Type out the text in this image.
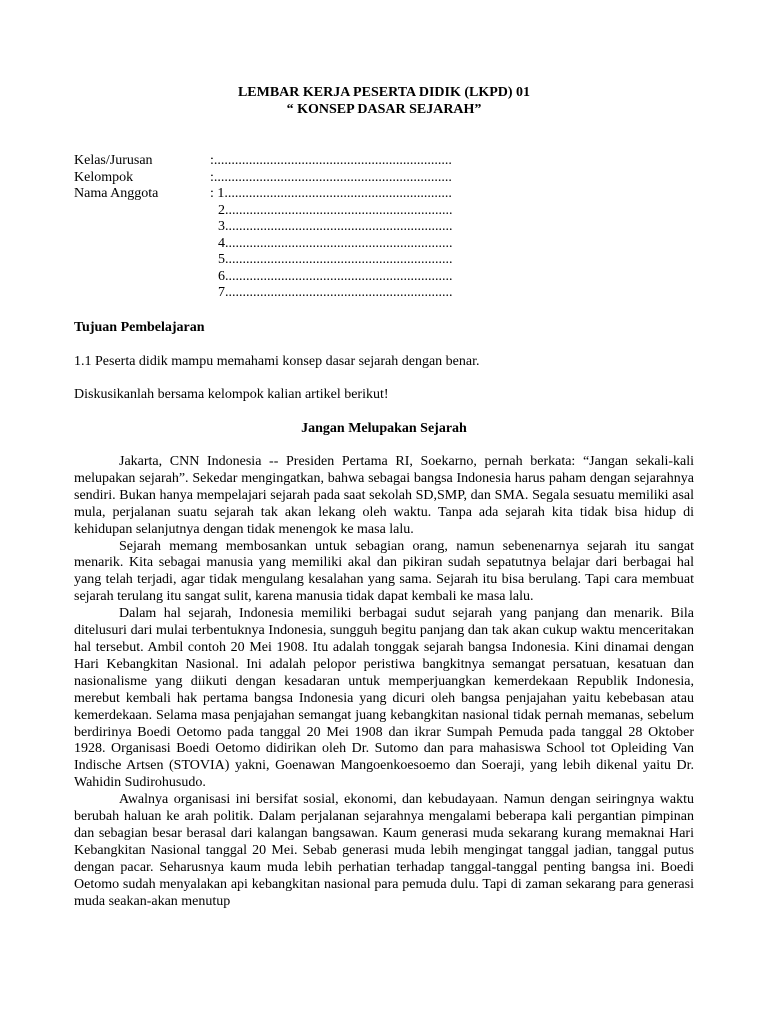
LEMBAR KERJA PESERTA DIDIK (LKPD) 01
“ KONSEP DASAR SEJARAH”
Kelas/Jurusan	:....................................................................
Kelompok	:....................................................................
Nama Anggota	: 1.................................................................
2.................................................................
3.................................................................
4.................................................................
5.................................................................
6.................................................................
7.................................................................
Tujuan Pembelajaran
1.1 Peserta didik mampu memahami konsep dasar sejarah dengan benar.
Diskusikanlah bersama kelompok kalian artikel berikut!
Jangan Melupakan Sejarah

Jakarta, CNN Indonesia -- Presiden Pertama RI, Soekarno, pernah berkata: “Jangan sekali-kali melupakan sejarah”. Sekedar mengingatkan, bahwa sebagai bangsa Indonesia harus paham dengan sejarahnya sendiri. Bukan hanya mempelajari sejarah pada saat sekolah SD,SMP, dan SMA. Segala sesuatu memiliki asal mula, perjalanan suatu sejarah tak akan lekang oleh waktu. Tanpa ada sejarah kita tidak bisa hidup di kehidupan selanjutnya dengan tidak menengok ke masa lalu.

Sejarah memang membosankan untuk sebagian orang, namun sebenenarnya sejarah itu sangat menarik. Kita sebagai manusia yang memiliki akal dan pikiran sudah sepatutnya belajar dari berbagai hal yang telah terjadi, agar tidak mengulang kesalahan yang sama. Sejarah itu bisa berulang. Tapi cara membuat sejarah terulang itu sangat sulit, karena manusia tidak dapat kembali ke masa lalu.

Dalam hal sejarah, Indonesia memiliki berbagai sudut sejarah yang panjang dan menarik. Bila ditelusuri dari mulai terbentuknya Indonesia, sungguh begitu panjang dan tak akan cukup waktu menceritakan hal tersebut. Ambil contoh 20 Mei 1908. Itu adalah tonggak sejarah bangsa Indonesia. Kini dinamai dengan Hari Kebangkitan Nasional. Ini adalah pelopor peristiwa bangkitnya semangat persatuan, kesatuan dan nasionalisme yang diikuti dengan kesadaran untuk memperjuangkan kemerdekaan Republik Indonesia, merebut kembali hak pertama bangsa Indonesia yang dicuri oleh bangsa penjajahan yaitu kebebasan atau kemerdekaan. Selama masa penjajahan semangat juang kebangkitan nasional tidak pernah memanas, sebelum berdirinya Boedi Oetomo pada tanggal 20 Mei 1908 dan ikrar Sumpah Pemuda pada tanggal 28 Oktober 1928. Organisasi Boedi Oetomo didirikan oleh Dr. Sutomo dan para mahasiswa School tot Opleiding Van Indische Artsen (STOVIA) yakni, Goenawan Mangoenkoesoemo dan Soeraji, yang lebih dikenal yaitu Dr. Wahidin Sudirohusudo.

Awalnya organisasi ini bersifat sosial, ekonomi, dan kebudayaan. Namun dengan seiringnya waktu berubah haluan ke arah politik. Dalam perjalanan sejarahnya mengalami beberapa kali pergantian pimpinan dan sebagian besar berasal dari kalangan bangsawan. Kaum generasi muda sekarang kurang memaknai Hari Kebangkitan Nasional tanggal 20 Mei. Sebab generasi muda lebih mengingat tanggal jadian, tanggal putus dengan pacar. Seharusnya kaum muda lebih perhatian terhadap tanggal-tanggal penting bangsa ini. Boedi Oetomo sudah menyalakan api kebangkitan nasional para pemuda dulu. Tapi di zaman sekarang para generasi muda seakan-akan menutup
